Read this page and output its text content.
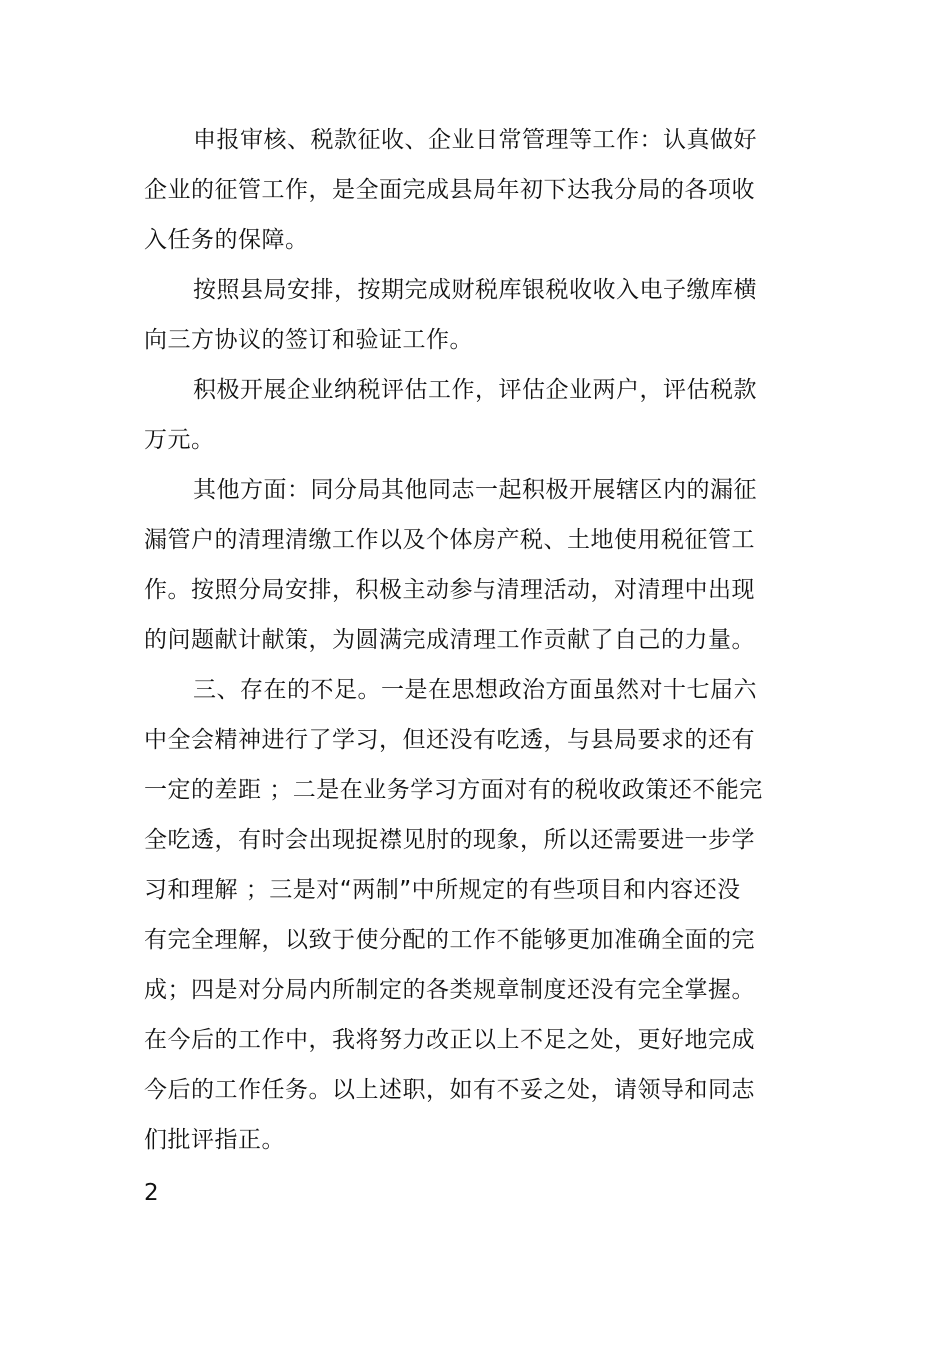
申报审核、税款征收、企业日常管理等工作：认真做好
企业的征管工作，是全面完成县局年初下达我分局的各项收
入任务的保障。
按照县局安排，按期完成财税库银税收收入电子缴库横
向三方协议的签订和验证工作。
积极开展企业纳税评估工作，评估企业两户，评估税款
万元。
其他方面：同分局其他同志一起积极开展辖区内的漏征
漏管户的清理清缴工作以及个体房产税、土地使用税征管工
作。按照分局安排，积极主动参与清理活动，对清理中出现
的问题献计献策，为圆满完成清理工作贡献了自己的力量。
三、存在的不足。一是在思想政治方面虽然对十七届六
中全会精神进行了学习，但还没有吃透，与县局要求的还有
一定的差距 ；二是在业务学习方面对有的税收政策还不能完
全吃透，有时会出现捉襟见肘的现象，所以还需要进一步学
习和理解 ；三是对“两制”中所规定的有些项目和内容还没
有完全理解，以致于使分配的工作不能够更加准确全面的完
成；四是对分局内所制定的各类规章制度还没有完全掌握。
在今后的工作中，我将努力改正以上不足之处，更好地完成
今后的工作任务。以上述职，如有不妥之处，请领导和同志
们批评指正。
2
